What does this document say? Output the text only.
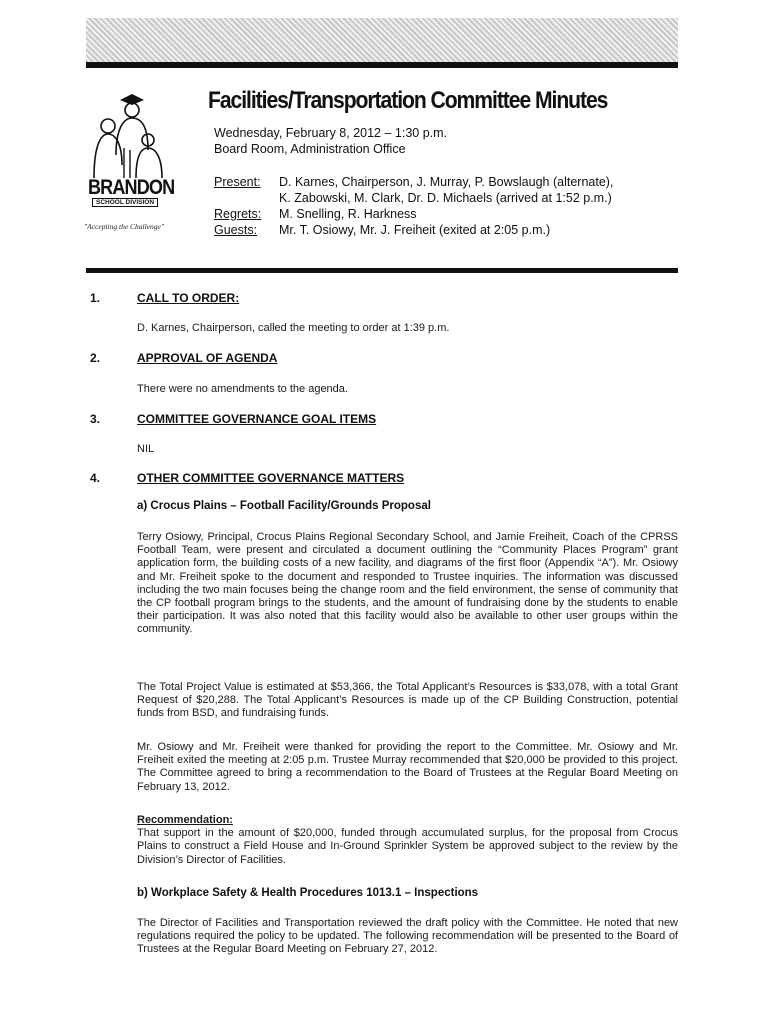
BRANDON
SCHOOL DIVISION
"Accepting the Challenge"
Facilities/Transportation Committee Minutes
Wednesday, February 8, 2012 – 1:30 p.m.
Board Room, Administration Office
Present: D. Karnes, Chairperson, J. Murray, P. Bowslaugh (alternate),
K. Zabowski, M. Clark, Dr. D. Michaels (arrived at 1:52 p.m.)
Regrets: M. Snelling, R. Harkness
Guests: Mr. T. Osiowy, Mr. J. Freiheit (exited at 2:05 p.m.)
1.	CALL TO ORDER:
D. Karnes, Chairperson, called the meeting to order at 1:39 p.m.
2.	APPROVAL OF AGENDA
There were no amendments to the agenda.
3.	COMMITTEE GOVERNANCE GOAL ITEMS
NIL
4.	OTHER COMMITTEE GOVERNANCE MATTERS
a) Crocus Plains – Football Facility/Grounds Proposal
Terry Osiowy, Principal, Crocus Plains Regional Secondary School, and Jamie Freiheit, Coach of the CPRSS Football Team, were present and circulated a document outlining the “Community Places Program” grant application form, the building costs of a new facility, and diagrams of the first floor (Appendix “A”). Mr. Osiowy and Mr. Freiheit spoke to the document and responded to Trustee inquiries. The information was discussed including the two main focuses being the change room and the field environment, the sense of community that the CP football program brings to the students, and the amount of fundraising done by the students to enable their participation. It was also noted that this facility would also be available to other user groups within the community.
The Total Project Value is estimated at $53,366, the Total Applicant’s Resources is $33,078, with a total Grant Request of $20,288. The Total Applicant’s Resources is made up of the CP Building Construction, potential funds from BSD, and fundraising funds.
Mr. Osiowy and Mr. Freiheit were thanked for providing the report to the Committee. Mr. Osiowy and Mr. Freiheit exited the meeting at 2:05 p.m. Trustee Murray recommended that $20,000 be provided to this project. The Committee agreed to bring a recommendation to the Board of Trustees at the Regular Board Meeting on February 13, 2012.
Recommendation:
That support in the amount of $20,000, funded through accumulated surplus, for the proposal from Crocus Plains to construct a Field House and In-Ground Sprinkler System be approved subject to the review by the Division’s Director of Facilities.
b) Workplace Safety & Health Procedures 1013.1 – Inspections
The Director of Facilities and Transportation reviewed the draft policy with the Committee. He noted that new regulations required the policy to be updated. The following recommendation will be presented to the Board of Trustees at the Regular Board Meeting on February 27, 2012.
